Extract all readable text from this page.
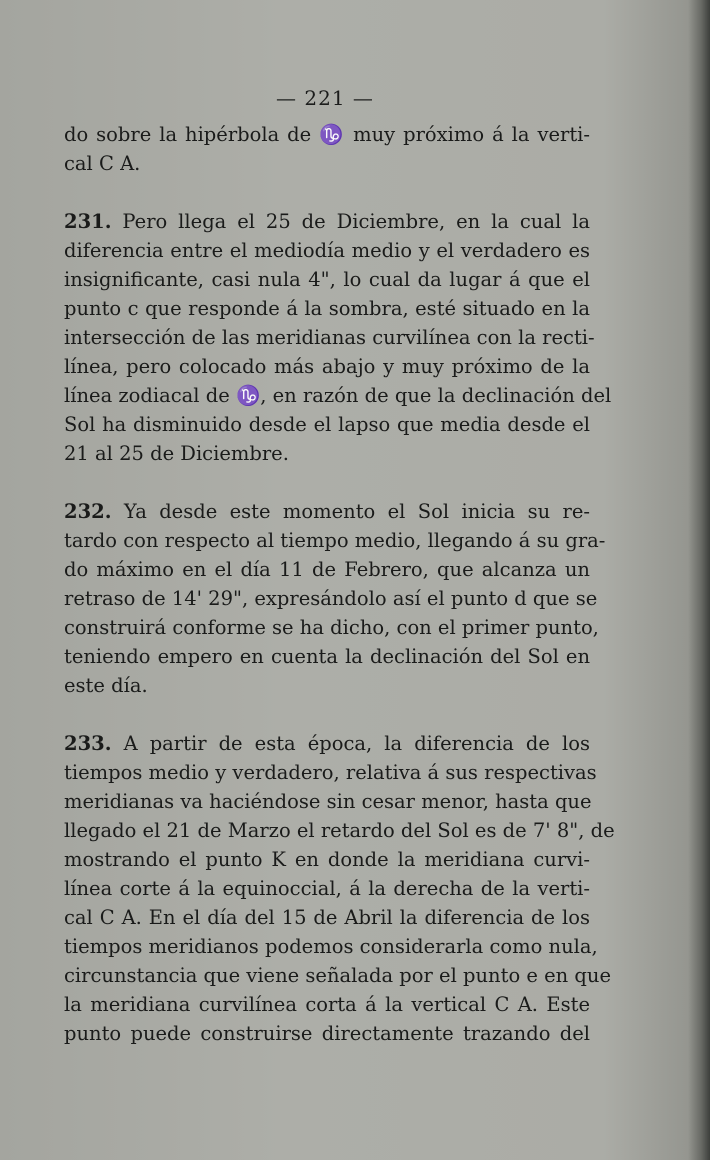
— 221 —
do sobre la hipérbola de ♑ muy próximo á la verti-
cal C A.
231. Pero llega el 25 de Diciembre, en la cual la
diferencia entre el mediodía medio y el verdadero es
insignificante, casi nula 4", lo cual da lugar á que el
punto c que responde á la sombra, esté situado en la
intersección de las meridianas curvilínea con la recti-
línea, pero colocado más abajo y muy próximo de la
línea zodiacal de ♑, en razón de que la declinación del
Sol ha disminuido desde el lapso que media desde el
21 al 25 de Diciembre.
232. Ya desde este momento el Sol inicia su re-
tardo con respecto al tiempo medio, llegando á su gra-
do máximo en el día 11 de Febrero, que alcanza un
retraso de 14' 29", expresándolo así el punto d que se
construirá conforme se ha dicho, con el primer punto,
teniendo empero en cuenta la declinación del Sol en
este día.
233. A partir de esta época, la diferencia de los
tiempos medio y verdadero, relativa á sus respectivas
meridianas va haciéndose sin cesar menor, hasta que
llegado el 21 de Marzo el retardo del Sol es de 7' 8", de
mostrando el punto K en donde la meridiana curvi-
línea corte á la equinoccial, á la derecha de la verti-
cal C A. En el día del 15 de Abril la diferencia de los
tiempos meridianos podemos considerarla como nula,
circunstancia que viene señalada por el punto e en que
la meridiana curvilínea corta á la vertical C A. Este
punto puede construirse directamente trazando del
